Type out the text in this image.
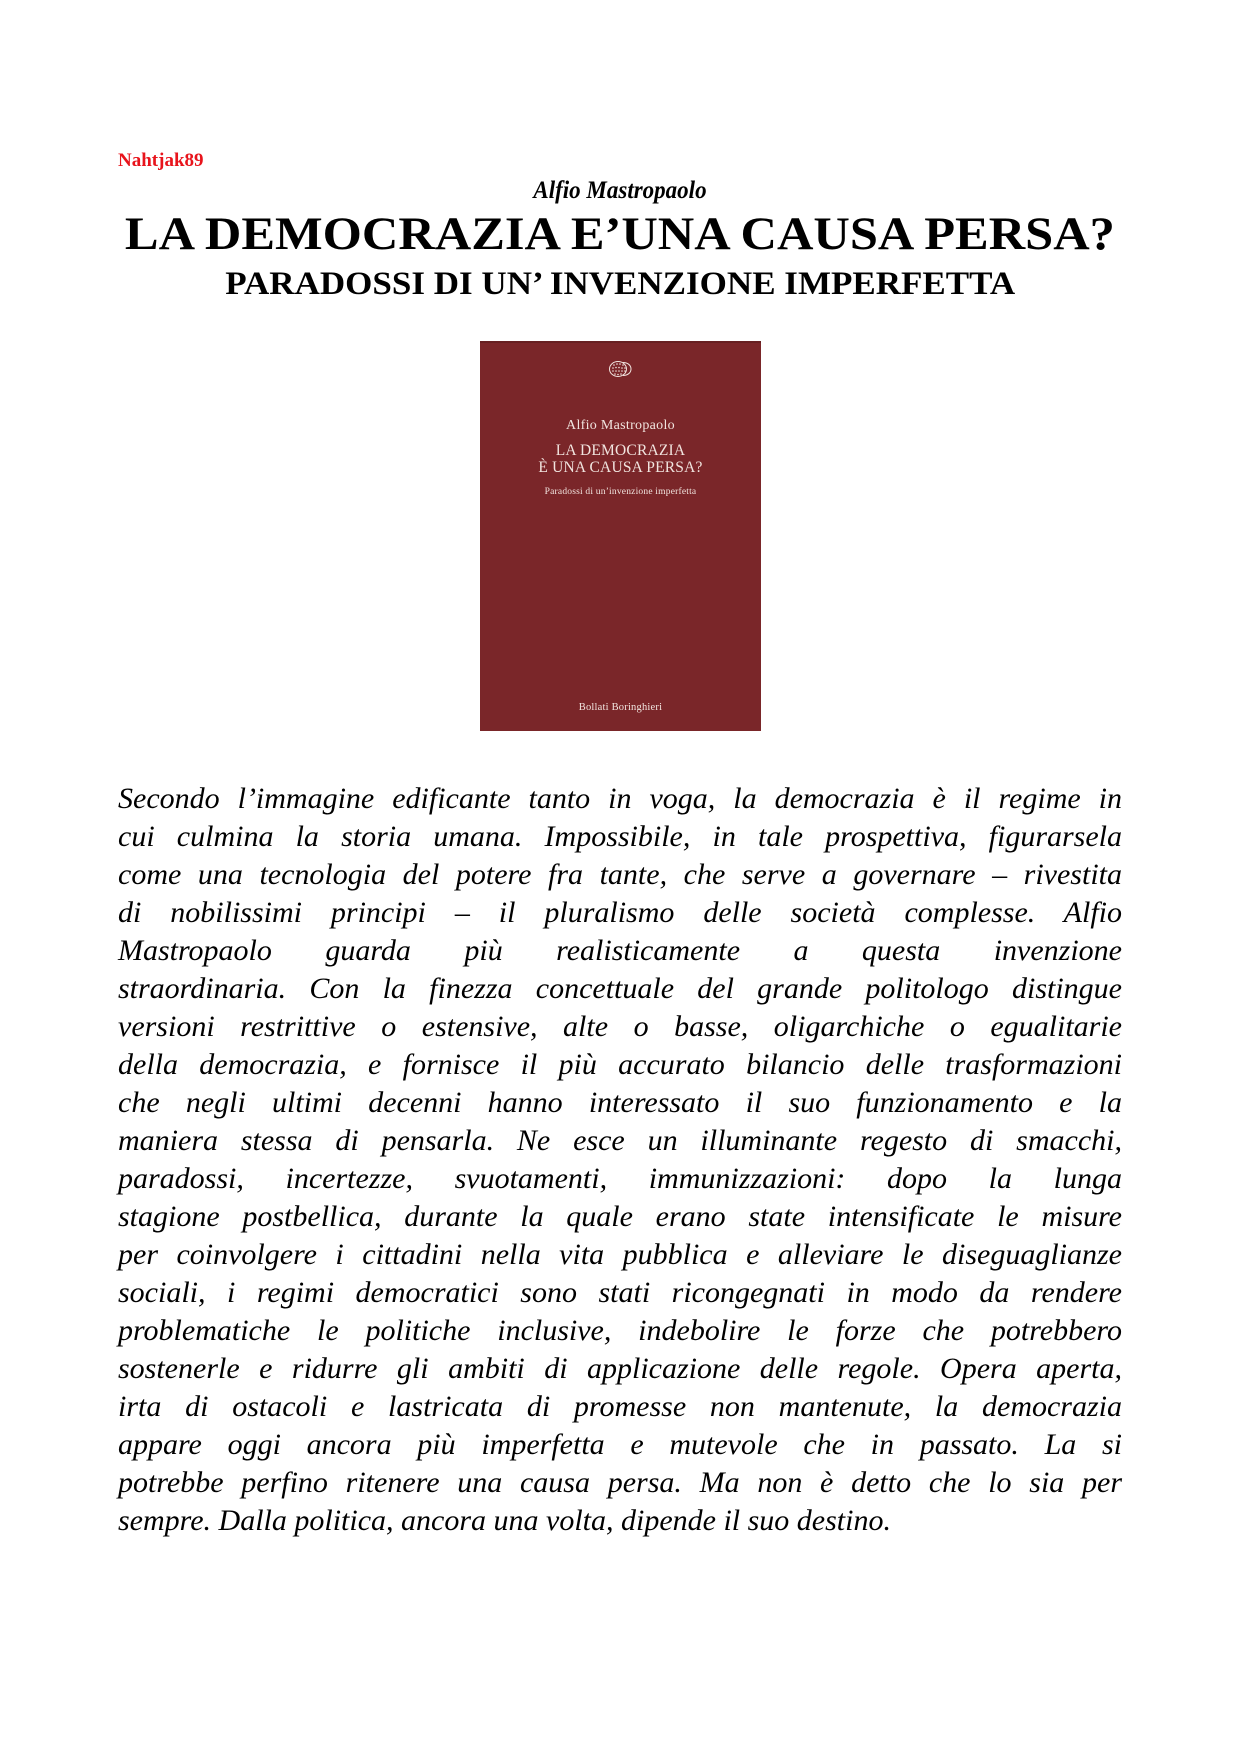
Nahtjak89
Alfio Mastropaolo
LA DEMOCRAZIA E’UNA CAUSA PERSA?
PARADOSSI DI UN’ INVENZIONE IMPERFETTA
Alfio Mastropaolo
LA DEMOCRAZIA
È UNA CAUSA PERSA?
Paradossi di un’invenzione imperfetta
Bollati Boringhieri
Secondo l’immagine edificante tanto in voga, la democrazia è il regime in
cui culmina la storia umana. Impossibile, in tale prospettiva, figurarsela
come una tecnologia del potere fra tante, che serve a governare – rivestita
di nobilissimi principi – il pluralismo delle società complesse. Alfio
Mastropaolo guarda più realisticamente a questa invenzione
straordinaria. Con la finezza concettuale del grande politologo distingue
versioni restrittive o estensive, alte o basse, oligarchiche o egualitarie
della democrazia, e fornisce il più accurato bilancio delle trasformazioni
che negli ultimi decenni hanno interessato il suo funzionamento e la
maniera stessa di pensarla. Ne esce un illuminante regesto di smacchi,
paradossi, incertezze, svuotamenti, immunizzazioni: dopo la lunga
stagione postbellica, durante la quale erano state intensificate le misure
per coinvolgere i cittadini nella vita pubblica e alleviare le diseguaglianze
sociali, i regimi democratici sono stati ricongegnati in modo da rendere
problematiche le politiche inclusive, indebolire le forze che potrebbero
sostenerle e ridurre gli ambiti di applicazione delle regole. Opera aperta,
irta di ostacoli e lastricata di promesse non mantenute, la democrazia
appare oggi ancora più imperfetta e mutevole che in passato. La si
potrebbe perfino ritenere una causa persa. Ma non è detto che lo sia per
sempre. Dalla politica, ancora una volta, dipende il suo destino.
